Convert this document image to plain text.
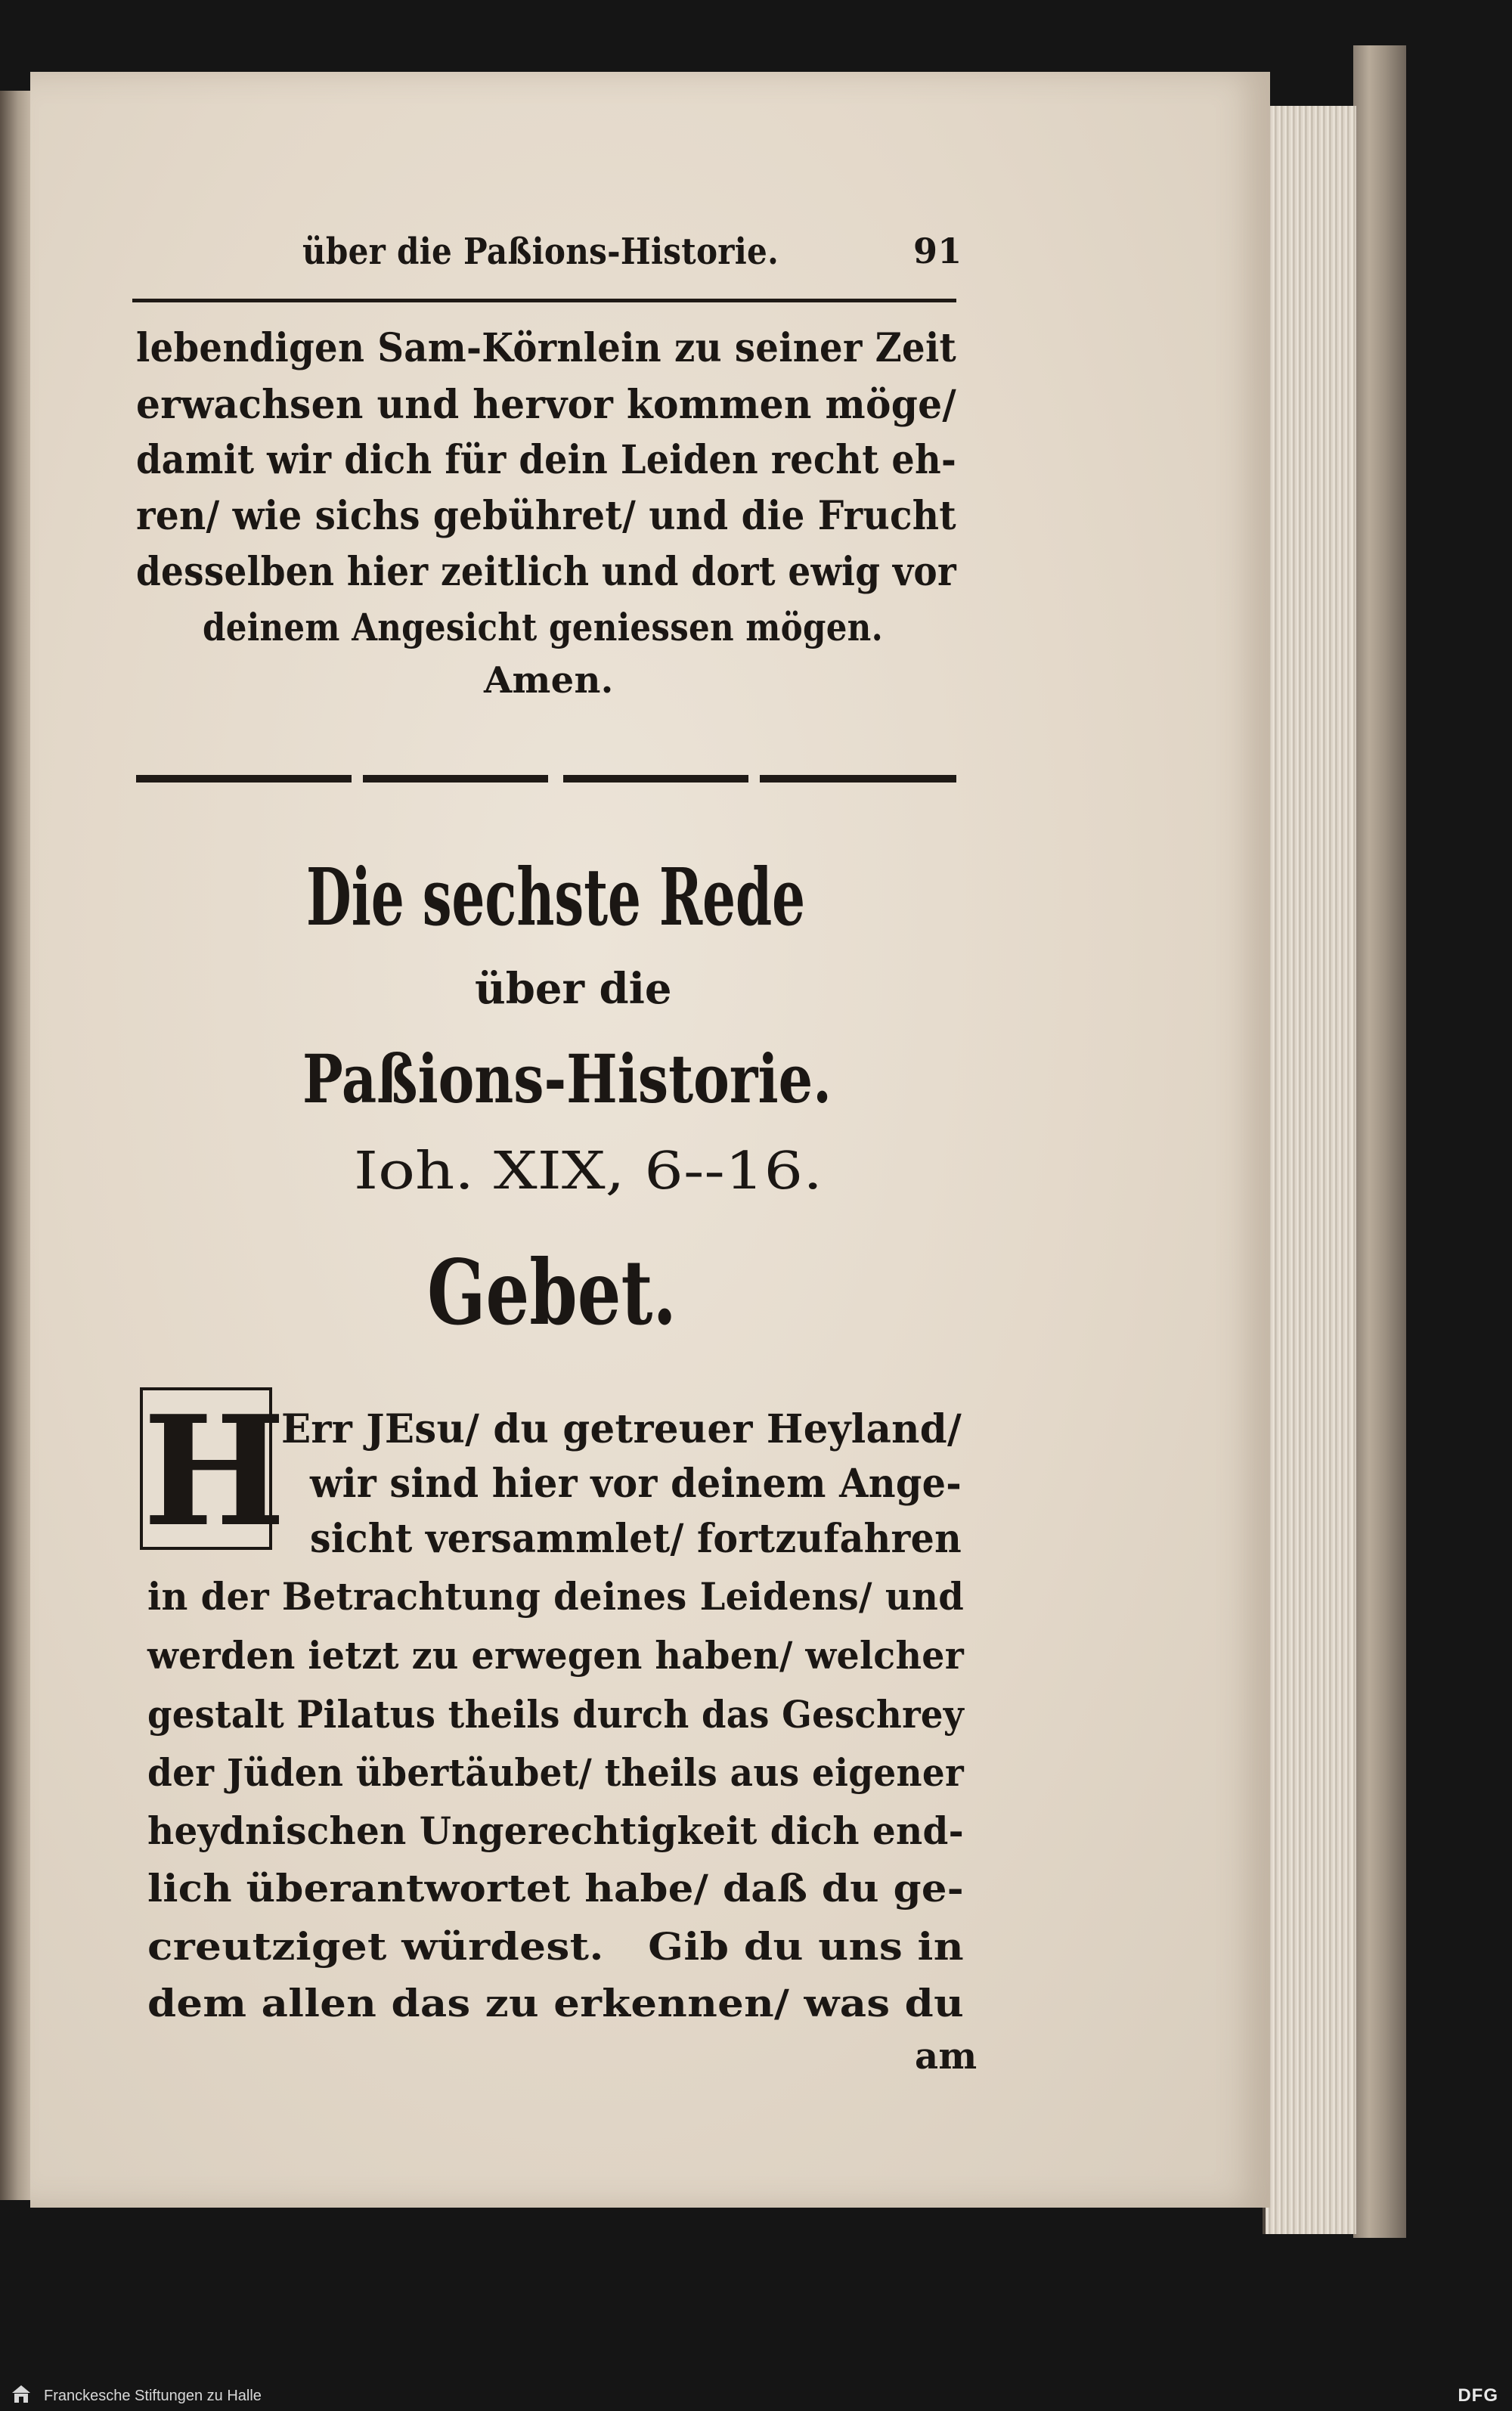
über die Paßions-Historie.	91
lebendigen Sam-Körnlein zu seiner Zeit
erwachsen und hervor kommen möge/
damit wir dich für dein Leiden recht eh-
ren/ wie sichs gebühret/ und die Frucht
desselben hier zeitlich und dort ewig vor
deinem Angesicht geniessen mögen.
Amen.
Die sechste Rede
über die
Paßions-Historie.
Ioh. XIX, 6--16.
Gebet.
H
Err JEsu/ du getreuer Heyland/
wir sind hier vor deinem Ange-
sicht versammlet/ fortzufahren
in der Betrachtung deines Leidens/ und
werden ietzt zu erwegen haben/ welcher
gestalt Pilatus theils durch das Geschrey
der Jüden übertäubet/ theils aus eigener
heydnischen Ungerechtigkeit dich end-
lich überantwortet habe/ daß du ge-
creutziget würdest.   Gib du uns in
dem allen das zu erkennen/ was du
am
Franckesche Stiftungen zu Halle	DFG
